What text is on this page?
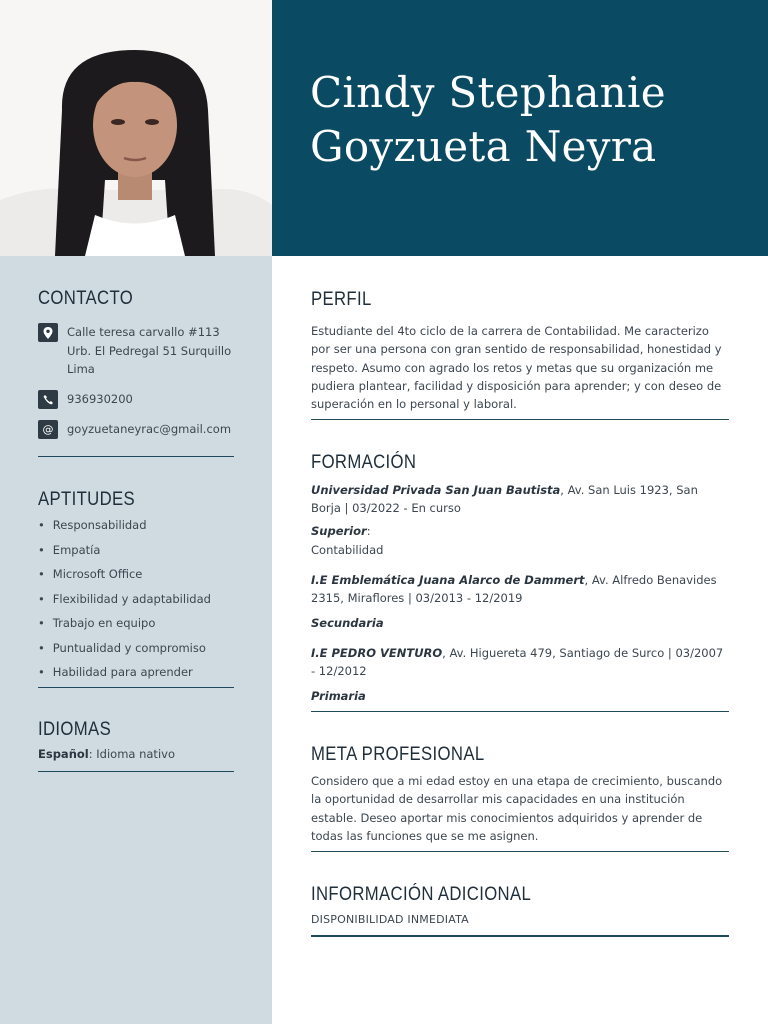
Cindy Stephanie
Goyzueta Neyra
CONTACTO
Calle teresa carvallo #113 Urb. El Pedregal 51 Surquillo Lima
936930200
@	goyzuetaneyrac@gmail.com
APTITUDES
• Responsabilidad
• Empatía
• Microsoft Office
• Flexibilidad y adaptabilidad
• Trabajo en equipo
• Puntualidad y compromiso
• Habilidad para aprender
IDIOMAS
Español: Idioma nativo
PERFIL
Estudiante del 4to ciclo de la carrera de Contabilidad. Me caracterizo por ser una persona con gran sentido de responsabilidad, honestidad y respeto. Asumo con agrado los retos y metas que su organización me pudiera plantear, facilidad y disposición para aprender; y con deseo de superación en lo personal y laboral.
FORMACIÓN
Universidad Privada San Juan Bautista, Av. San Luis 1923, San Borja | 03/2022 - En curso
Superior:
Contabilidad
I.E Emblemática Juana Alarco de Dammert, Av. Alfredo Benavides 2315, Miraflores | 03/2013 - 12/2019
Secundaria
I.E PEDRO VENTURO, Av. Higuereta 479, Santiago de Surco | 03/2007 - 12/2012
Primaria
META PROFESIONAL
Considero que a mi edad estoy en una etapa de crecimiento, buscando la oportunidad de desarrollar mis capacidades en una institución estable. Deseo aportar mis conocimientos adquiridos y aprender de todas las funciones que se me asignen.
INFORMACIÓN ADICIONAL
DISPONIBILIDAD INMEDIATA
